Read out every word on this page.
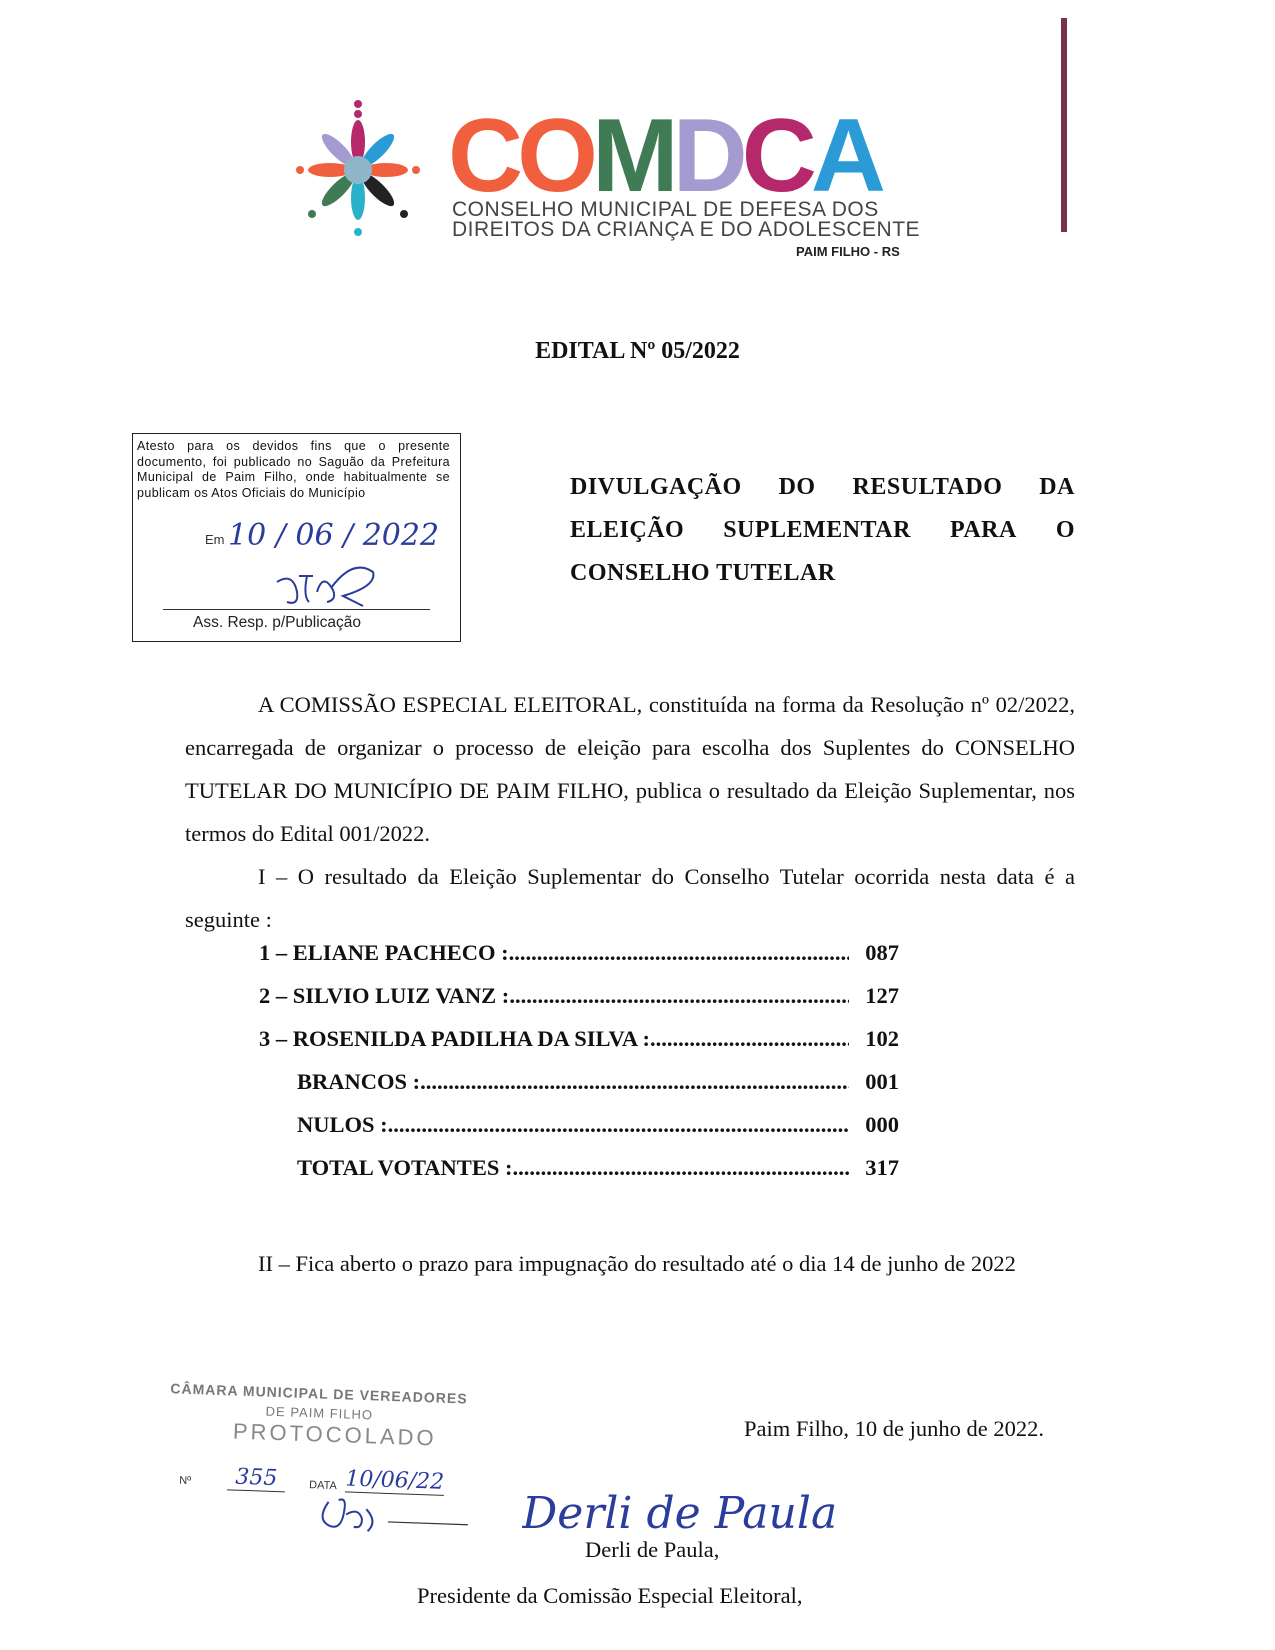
COMDCA
CONSELHO MUNICIPAL DE DEFESA DOS
DIREITOS DA CRIANÇA E DO ADOLESCENTE
PAIM FILHO - RS
EDITAL Nº 05/2022
Atesto para os devidos fins que o presente documento, foi publicado no Saguão da Prefeitura Municipal de Paim Filho, onde habitualmente se publicam os Atos Oficiais do Município
Em 10 / 06 / 2022
Ass. Resp. p/Publicação
DIVULGAÇÃO DO RESULTADO DA
ELEIÇÃO SUPLEMENTAR PARA O
CONSELHO TUTELAR
A COMISSÃO ESPECIAL ELEITORAL, constituída na forma da Resolução nº 02/2022, encarregada de organizar o processo de eleição para escolha dos Suplentes do CONSELHO TUTELAR DO MUNICÍPIO DE PAIM FILHO, publica o resultado da Eleição Suplementar, nos termos do Edital 001/2022.
I – O resultado da Eleição Suplementar do Conselho Tutelar ocorrida nesta data é a seguinte :
1 – ELIANE PACHECO : .....	087
2 – SILVIO LUIZ VANZ : .....	127
3 – ROSENILDA PADILHA DA SILVA : .....	102
BRANCOS : .....	001
NULOS : .....	000
TOTAL VOTANTES : .....	317
II – Fica aberto o prazo para impugnação do resultado até o dia 14 de junho de 2022
CÂMARA MUNICIPAL DE VEREADORES
DE PAIM FILHO
PROTOCOLADO
Nº	355	DATA 10/06/22
Paim Filho, 10 de junho de 2022.
Derli de Paula
Derli de Paula,
Presidente da Comissão Especial Eleitoral,
